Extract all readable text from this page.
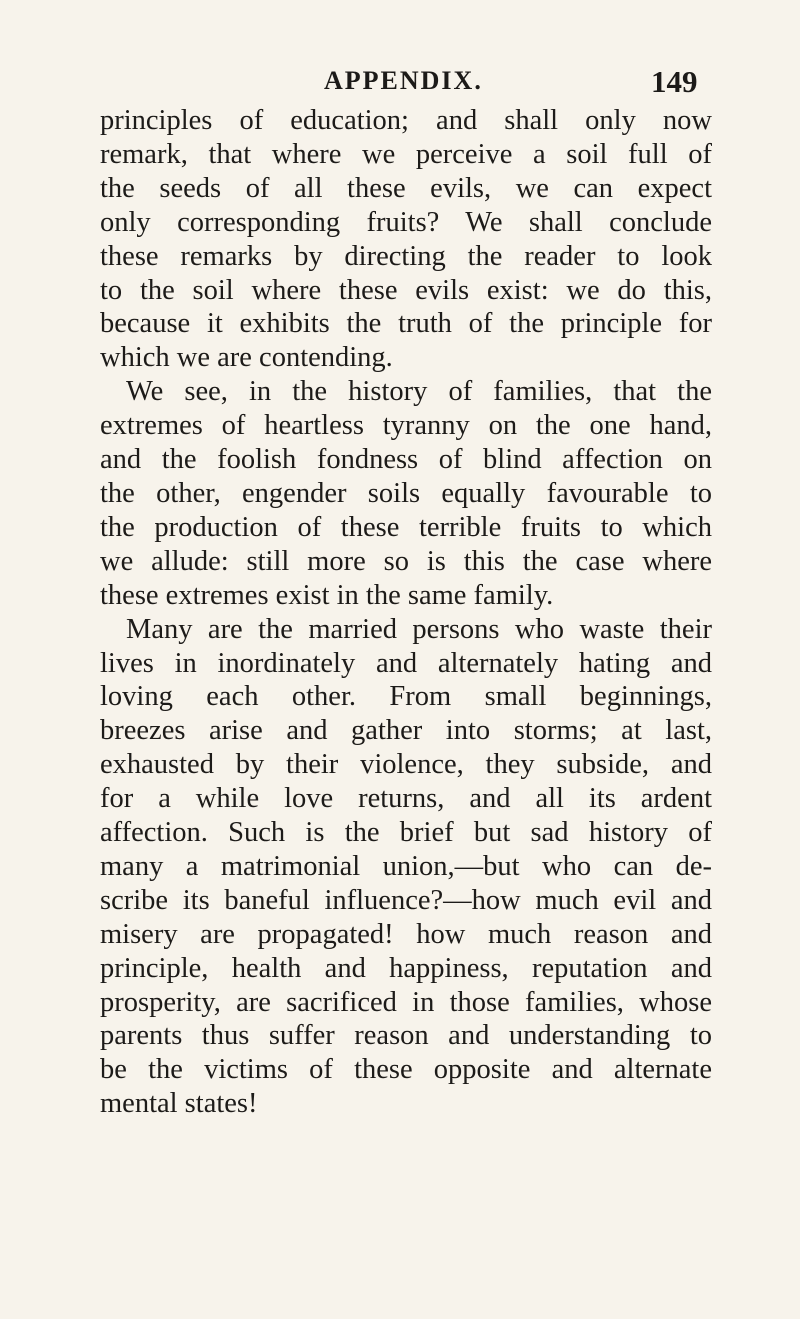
APPENDIX.	149

principles of education; and shall only now
remark, that where we perceive a soil full of
the seeds of all these evils, we can expect
only corresponding fruits? We shall conclude
these remarks by directing the reader to look
to the soil where these evils exist: we do this,
because it exhibits the truth of the principle for
which we are contending.

We see, in the history of families, that the
extremes of heartless tyranny on the one hand,
and the foolish fondness of blind affection on
the other, engender soils equally favourable to
the production of these terrible fruits to which
we allude: still more so is this the case where
these extremes exist in the same family.

Many are the married persons who waste their
lives in inordinately and alternately hating and
loving each other. From small beginnings,
breezes arise and gather into storms; at last,
exhausted by their violence, they subside, and
for a while love returns, and all its ardent
affection. Such is the brief but sad history of
many a matrimonial union,—but who can de-
scribe its baneful influence?—how much evil and
misery are propagated! how much reason and
principle, health and happiness, reputation and
prosperity, are sacrificed in those families, whose
parents thus suffer reason and understanding to
be the victims of these opposite and alternate
mental states!
